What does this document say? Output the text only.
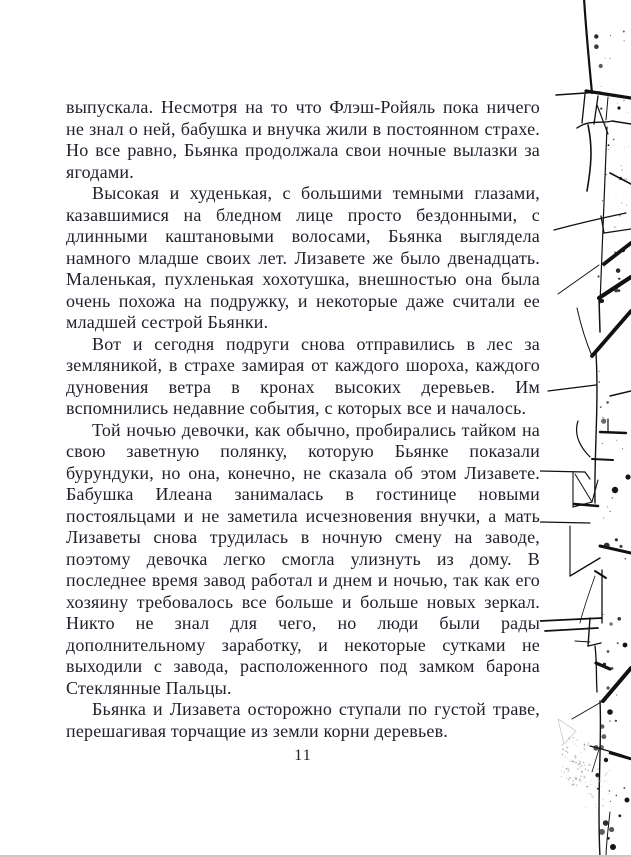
выпускала. Несмотря на то что Флэш-Ройяль пока ничего не знал о ней, бабушка и внучка жили в постоянном страхе. Но все равно, Бьянка продолжала свои ночные вылазки за ягодами.

Высокая и худенькая, с большими темными глазами, казавшимися на бледном лице просто бездонными, с длинными каштановыми волосами, Бьянка выглядела намного младше своих лет. Лизавете же было двенадцать. Маленькая, пухленькая хохотушка, внешностью она была очень похожа на подружку, и некоторые даже считали ее младшей сестрой Бьянки.

Вот и сегодня подруги снова отправились в лес за земляникой, в страхе замирая от каждого шороха, каждого дуновения ветра в кронах высоких деревьев. Им вспомнились недавние события, с которых все и началось.

Той ночью девочки, как обычно, пробирались тайком на свою заветную полянку, которую Бьянке показали бурундуки, но она, конечно, не сказала об этом Лизавете. Бабушка Илеана занималась в гостинице новыми постояльцами и не заметила исчезновения внучки, а мать Лизаветы снова трудилась в ночную смену на заводе, поэтому девочка легко смогла улизнуть из дому. В последнее время завод работал и днем и ночью, так как его хозяину требовалось все больше и больше новых зеркал. Никто не знал для чего, но люди были рады дополнительному заработку, и некоторые сутками не выходили с завода, расположенного под замком барона Стеклянные Пальцы.

Бьянка и Лизавета осторожно ступали по густой траве, перешагивая торчащие из земли корни деревьев.

11
